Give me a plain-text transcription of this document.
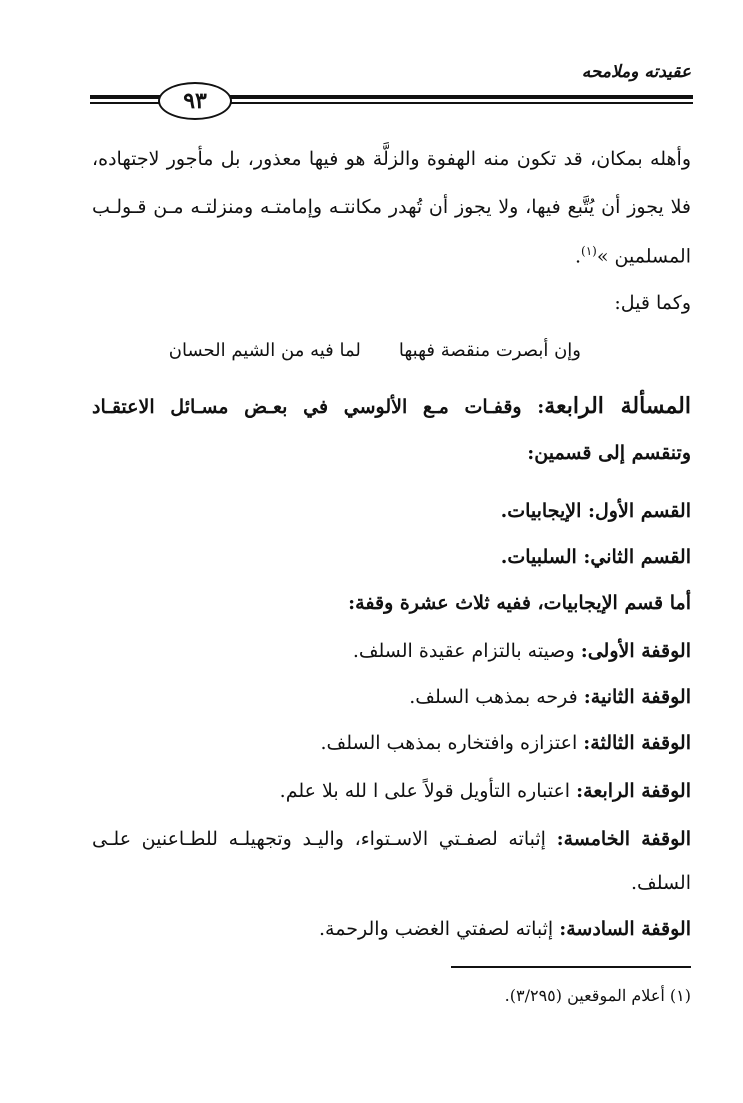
عقيدته وملامحه
٩٣
وأهله بمكان، قد تكون منه الهفوة والزلَّة هو فيها معذور، بل مأجور لاجتهاده،
فلا يجوز أن يُتَّبع فيها، ولا يجوز أن تُهدر مكانتـه وإمامتـه ومنزلتـه مـن قـولـب
المسلمين »$^{(١)}$.
وكما قيل:
وإن أبصرت منقصة فهبهالما فيه من الشيم الحسان
المسألة الرابعة: وقفـات مـع الألوسي في بعـض مسـائل الاعتقـاد
وتنقسم إلى قسمين:
القسم الأول: الإيجابيات.
القسم الثاني: السلبيات.
أما قسم الإيجابيات، ففيه ثلاث عشرة وقفة:
الوقفة الأولى: وصيته بالتزام عقيدة السلف.
الوقفة الثانية: فرحه بمذهب السلف.
الوقفة الثالثة: اعتزازه وافتخاره بمذهب السلف.
الوقفة الرابعة: اعتباره التأويل قولاً على ا لله بلا علم.
الوقفة الخامسة: إثباته لصفـتي الاسـتواء، واليـد وتجهيلـه للطـاعنين علـى
السلف.
الوقفة السادسة: إثباته لصفتي الغضب والرحمة.
(١) أعلام الموقعين (٣/٢٩٥).
